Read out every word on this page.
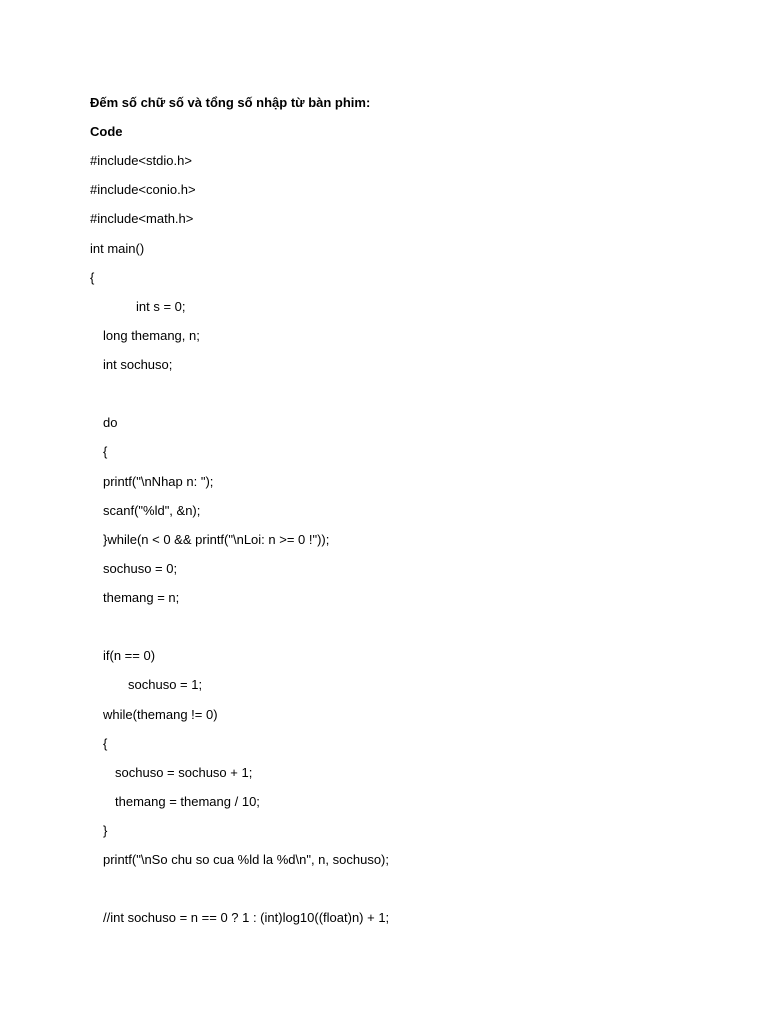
Đếm số chữ số và tổng số nhập từ bàn phim:
Code
#include<stdio.h>
#include<conio.h>
#include<math.h>
int main()
{
int s = 0;
long themang, n;
int sochuso;
do
{
printf("\nNhap n: ");
scanf("%ld", &n);
}while(n < 0 && printf("\nLoi: n >= 0 !"));
sochuso = 0;
themang = n;
if(n == 0)
sochuso = 1;
while(themang != 0)
{
sochuso = sochuso + 1;
themang = themang / 10;
}
printf("\nSo chu so cua %ld la %d\n", n, sochuso);
//int sochuso = n == 0 ? 1 : (int)log10((float)n) + 1;
